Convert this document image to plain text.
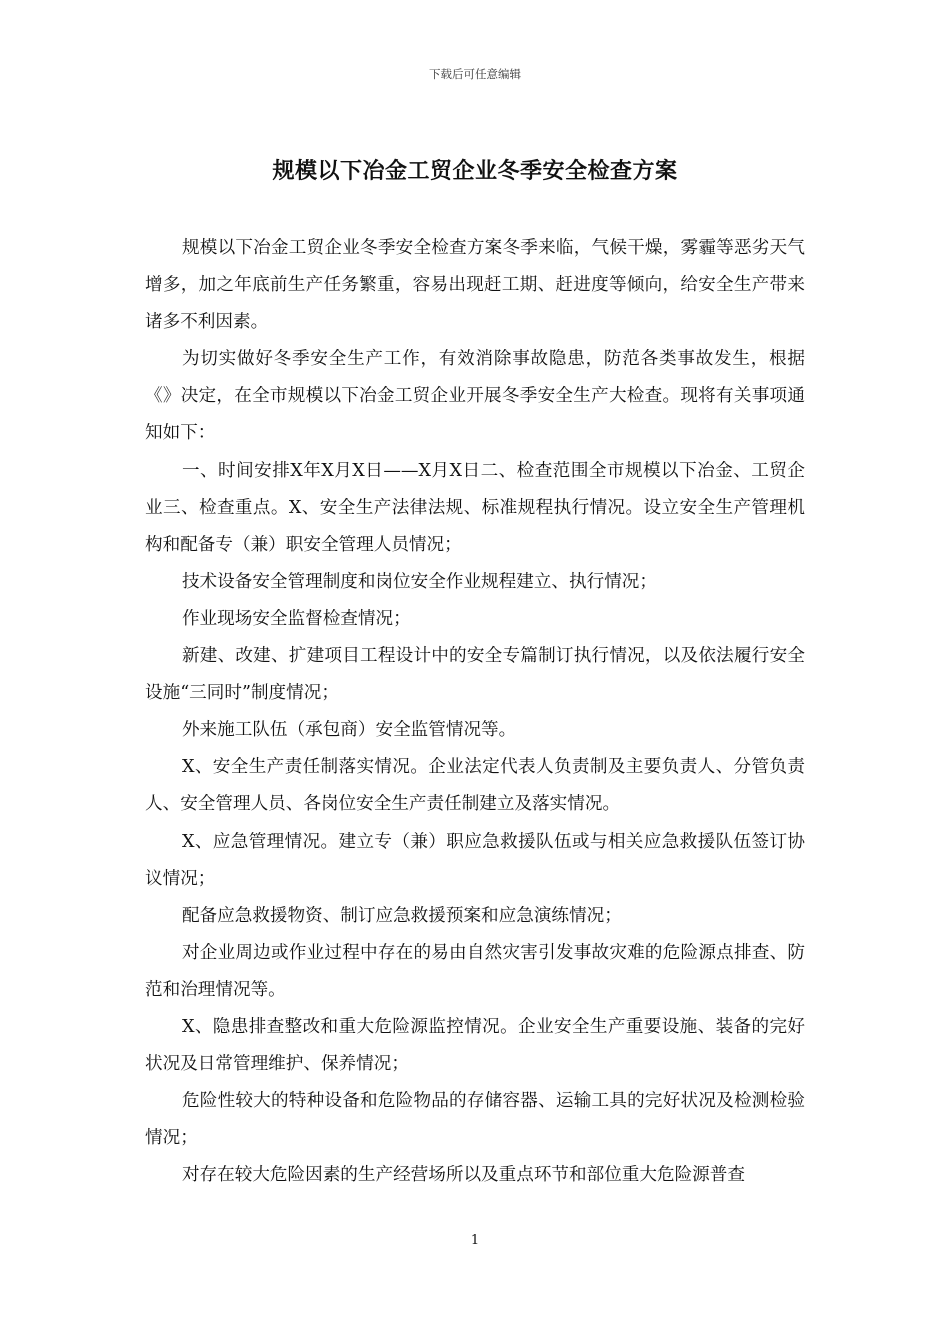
下载后可任意编辑
规模以下冶金工贸企业冬季安全检查方案

规模以下冶金工贸企业冬季安全检查方案冬季来临，气候干燥，雾霾等恶劣天气增多，加之年底前生产任务繁重，容易出现赶工期、赶进度等倾向，给安全生产带来诸多不利因素。

为切实做好冬季安全生产工作，有效消除事故隐患，防范各类事故发生，根据《》决定，在全市规模以下冶金工贸企业开展冬季安全生产大检查。现将有关事项通知如下：

一、时间安排X年X月X日——X月X日二、检查范围全市规模以下冶金、工贸企业三、检查重点。X、安全生产法律法规、标准规程执行情况。设立安全生产管理机构和配备专（兼）职安全管理人员情况；

技术设备安全管理制度和岗位安全作业规程建立、执行情况；

作业现场安全监督检查情况；

新建、改建、扩建项目工程设计中的安全专篇制订执行情况，以及依法履行安全设施“三同时”制度情况；

外来施工队伍（承包商）安全监管情况等。

X、安全生产责任制落实情况。企业法定代表人负责制及主要负责人、分管负责人、安全管理人员、各岗位安全生产责任制建立及落实情况。

X、应急管理情况。建立专（兼）职应急救援队伍或与相关应急救援队伍签订协议情况；

配备应急救援物资、制订应急救援预案和应急演练情况；

对企业周边或作业过程中存在的易由自然灾害引发事故灾难的危险源点排查、防范和治理情况等。

X、隐患排查整改和重大危险源监控情况。企业安全生产重要设施、装备的完好状况及日常管理维护、保养情况；

危险性较大的特种设备和危险物品的存储容器、运输工具的完好状况及检测检验情况；

对存在较大危险因素的生产经营场所以及重点环节和部位重大危险源普查

1
